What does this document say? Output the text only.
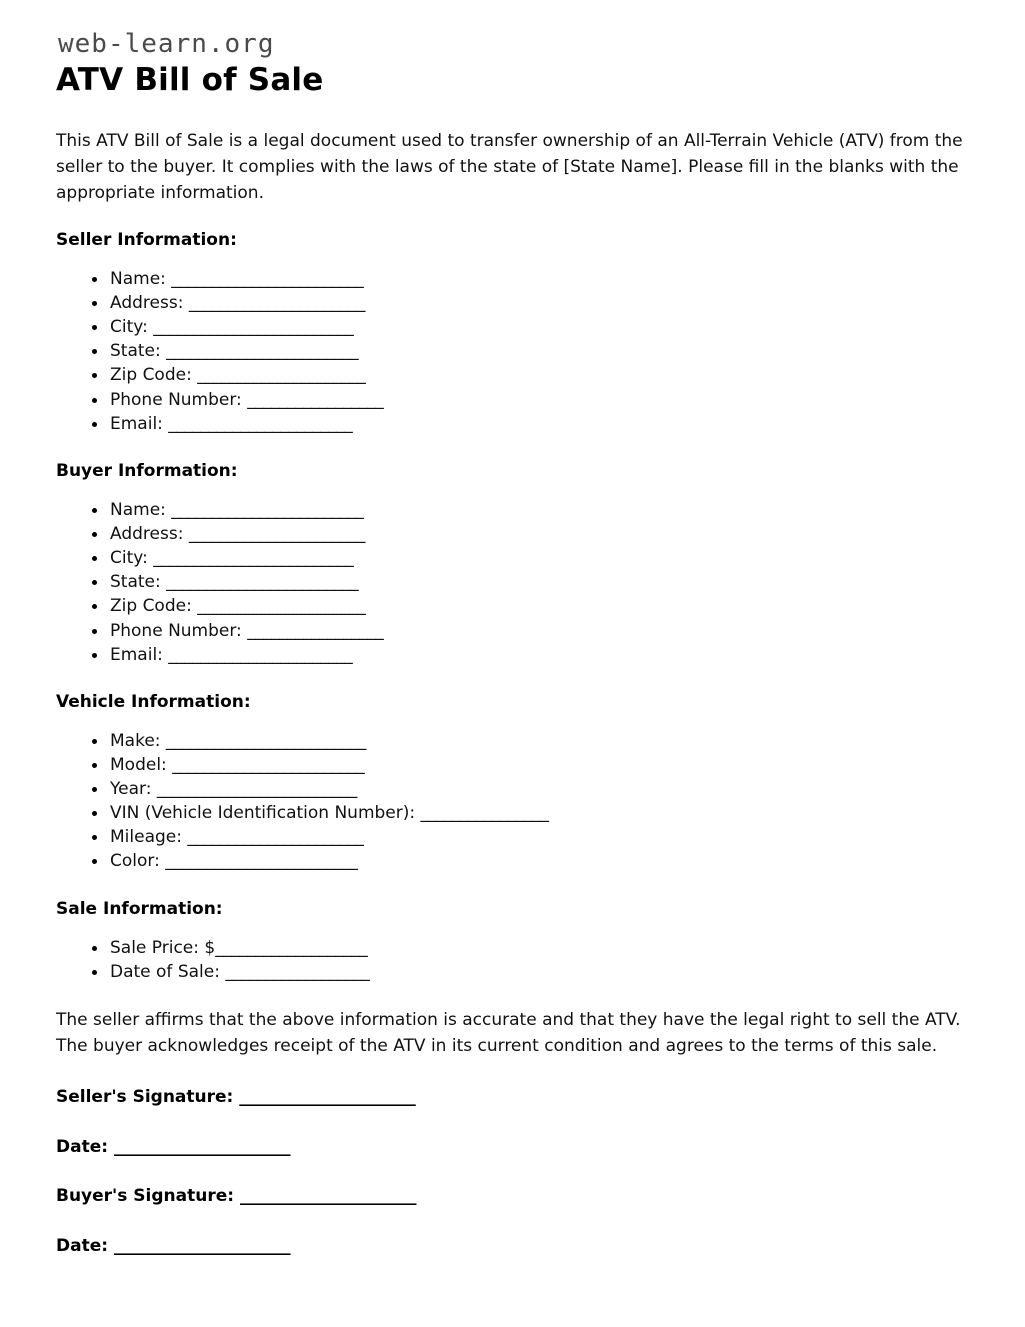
web-learn.org
ATV Bill of Sale

This ATV Bill of Sale is a legal document used to transfer ownership of an All-Terrain Vehicle (ATV) from the seller to the buyer. It complies with the laws of the state of [State Name]. Please fill in the blanks with the appropriate information.

Seller Information:
Name: ________________________
Address: ______________________
City: _________________________
State: ________________________
Zip Code: _____________________
Phone Number: _________________
Email: _______________________
Buyer Information:
Name: ________________________
Address: ______________________
City: _________________________
State: ________________________
Zip Code: _____________________
Phone Number: _________________
Email: _______________________
Vehicle Information:
Make: _________________________
Model: ________________________
Year: _________________________
VIN (Vehicle Identification Number): ________________
Mileage: ______________________
Color: ________________________
Sale Information:
Sale Price: $___________________
Date of Sale: __________________

The seller affirms that the above information is accurate and that they have the legal right to sell the ATV. The buyer acknowledges receipt of the ATV in its current condition and agrees to the terms of this sale.

Seller's Signature: ______________________
Date: ______________________
Buyer's Signature: ______________________
Date: ______________________
